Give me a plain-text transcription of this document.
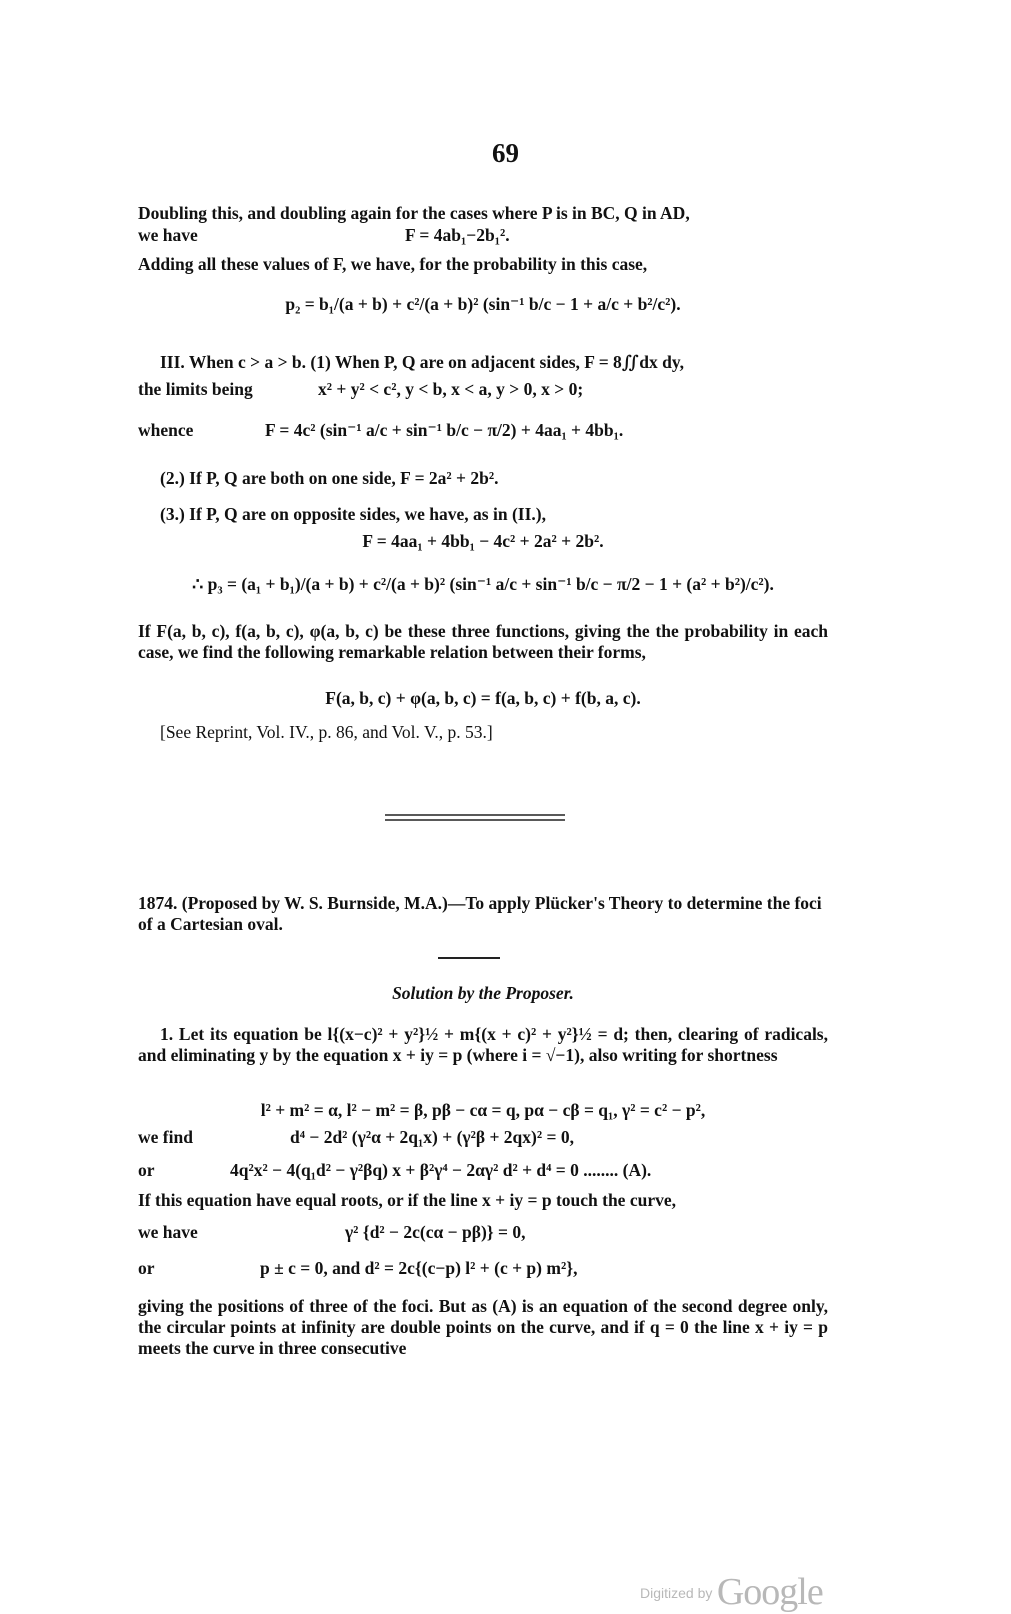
69
Doubling this, and doubling again for the cases where P is in BC, Q in AD,
we have	F = 4ab₁−2b₁².
Adding all these values of F, we have, for the probability in this case,
p₂ = b₁/(a + b) + c²/(a + b)² (sin⁻¹ b/c − 1 + a/c + b²/c²).
III. When c > a > b. (1) When P, Q are on adjacent sides, F = 8∬dx dy,
the limits being	x² + y² < c², y < b, x < a, y > 0, x > 0;
whence	F = 4c² (sin⁻¹ a/c + sin⁻¹ b/c − π/2) + 4aa₁ + 4bb₁.
(2.) If P, Q are both on one side, F = 2a² + 2b².
(3.) If P, Q are on opposite sides, we have, as in (II.),
F = 4aa₁ + 4bb₁ − 4c² + 2a² + 2b².
∴ p₃ = (a₁ + b₁)/(a + b) + c²/(a + b)² (sin⁻¹ a/c + sin⁻¹ b/c − π/2 − 1 + (a² + b²)/c²).
If F(a, b, c), f(a, b, c), φ(a, b, c) be these three functions, giving the the probability in each case, we find the following remarkable relation between their forms,
F(a, b, c) + φ(a, b, c) = f(a, b, c) + f(b, a, c).
[See Reprint, Vol. IV., p. 86, and Vol. V., p. 53.]
1874. (Proposed by W. S. Burnside, M.A.)—To apply Plücker's Theory to determine the foci of a Cartesian oval.
Solution by the Proposer.
1. Let its equation be l{(x−c)² + y²}½ + m{(x + c)² + y²}½ = d; then, clearing of radicals, and eliminating y by the equation x + iy = p (where i = √−1), also writing for shortness
l² + m² = α, l² − m² = β, pβ − cα = q, pα − cβ = q₁, γ² = c² − p²,
we find	d⁴ − 2d² (γ²α + 2q₁x) + (γ²β + 2qx)² = 0,
or	4q²x² − 4(q₁d² − γ²βq) x + β²γ⁴ − 2αγ² d² + d⁴ = 0 ........ (A).
If this equation have equal roots, or if the line x + iy = p touch the curve,
we have	γ² {d² − 2c(cα − pβ)} = 0,
or	p ± c = 0, and d² = 2c{(c−p) l² + (c + p) m²},
giving the positions of three of the foci. But as (A) is an equation of the second degree only, the circular points at infinity are double points on the curve, and if q = 0 the line x + iy = p meets the curve in three consecutive
Digitized by Google
